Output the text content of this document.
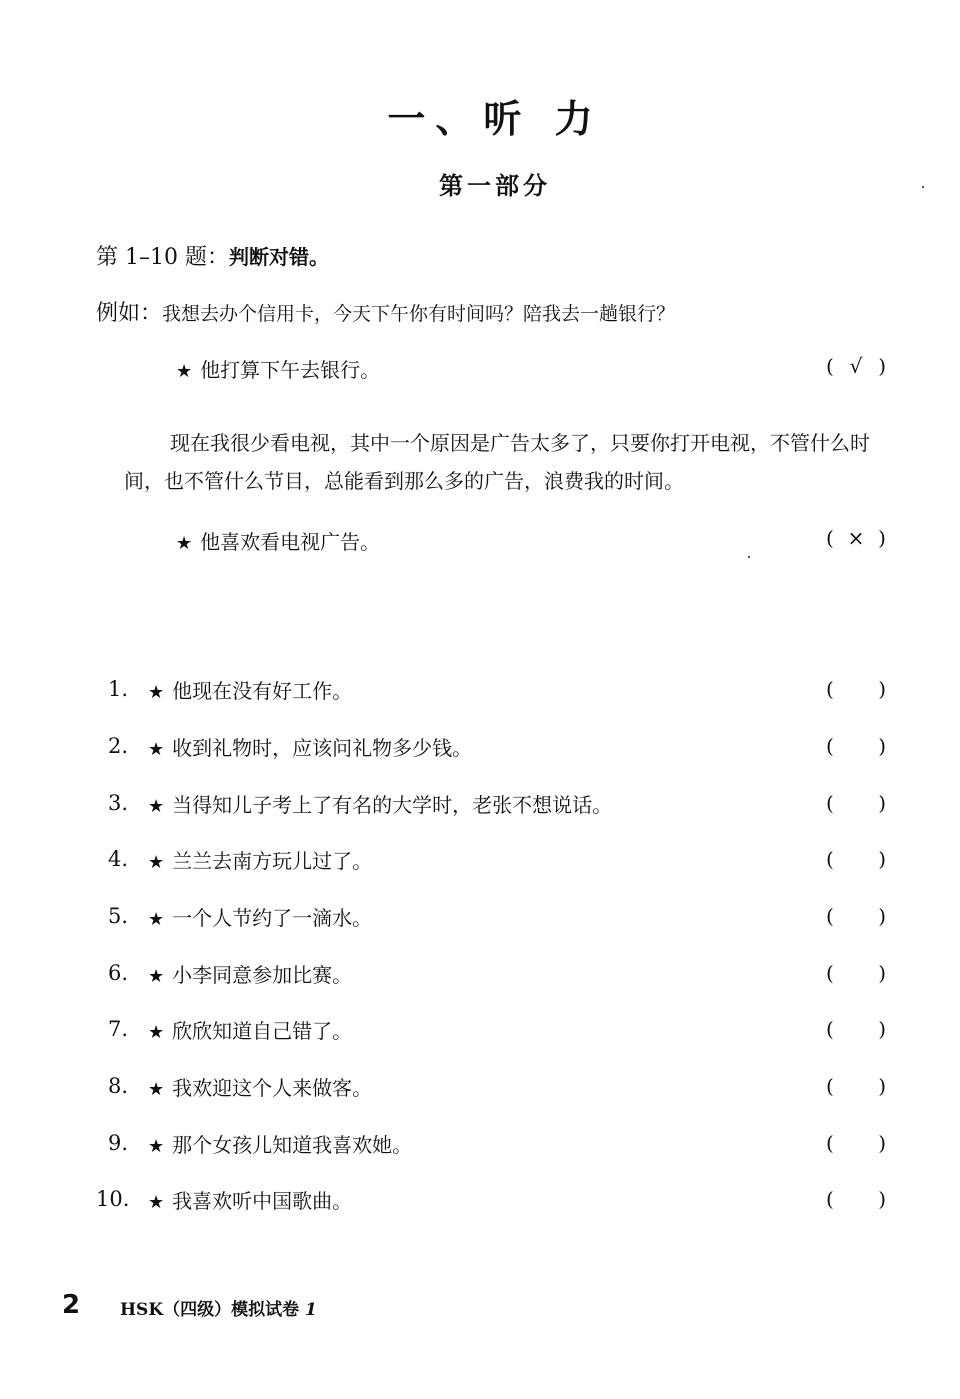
一、听 力
第一部分
第 1–10 题：判断对错。
例如：我想去办个信用卡，今天下午你有时间吗？陪我去一趟银行？
★ 他打算下午去银行。	( √ )
现在我很少看电视，其中一个原因是广告太多了，只要你打开电视，不管什么时间，也不管什么节目，总能看到那么多的广告，浪费我的时间。
★ 他喜欢看电视广告。	( × )
1.	★ 他现在没有好工作。	( )
2.	★ 收到礼物时，应该问礼物多少钱。	( )
3.	★ 当得知儿子考上了有名的大学时，老张不想说话。	( )
4.	★ 兰兰去南方玩儿过了。	( )
5.	★ 一个人节约了一滴水。	( )
6.	★ 小李同意参加比赛。	( )
7.	★ 欣欣知道自己错了。	( )
8.	★ 我欢迎这个人来做客。	( )
9.	★ 那个女孩儿知道我喜欢她。	( )
10.	★ 我喜欢听中国歌曲。	( )
2 HSK（四级）模拟试卷 1
